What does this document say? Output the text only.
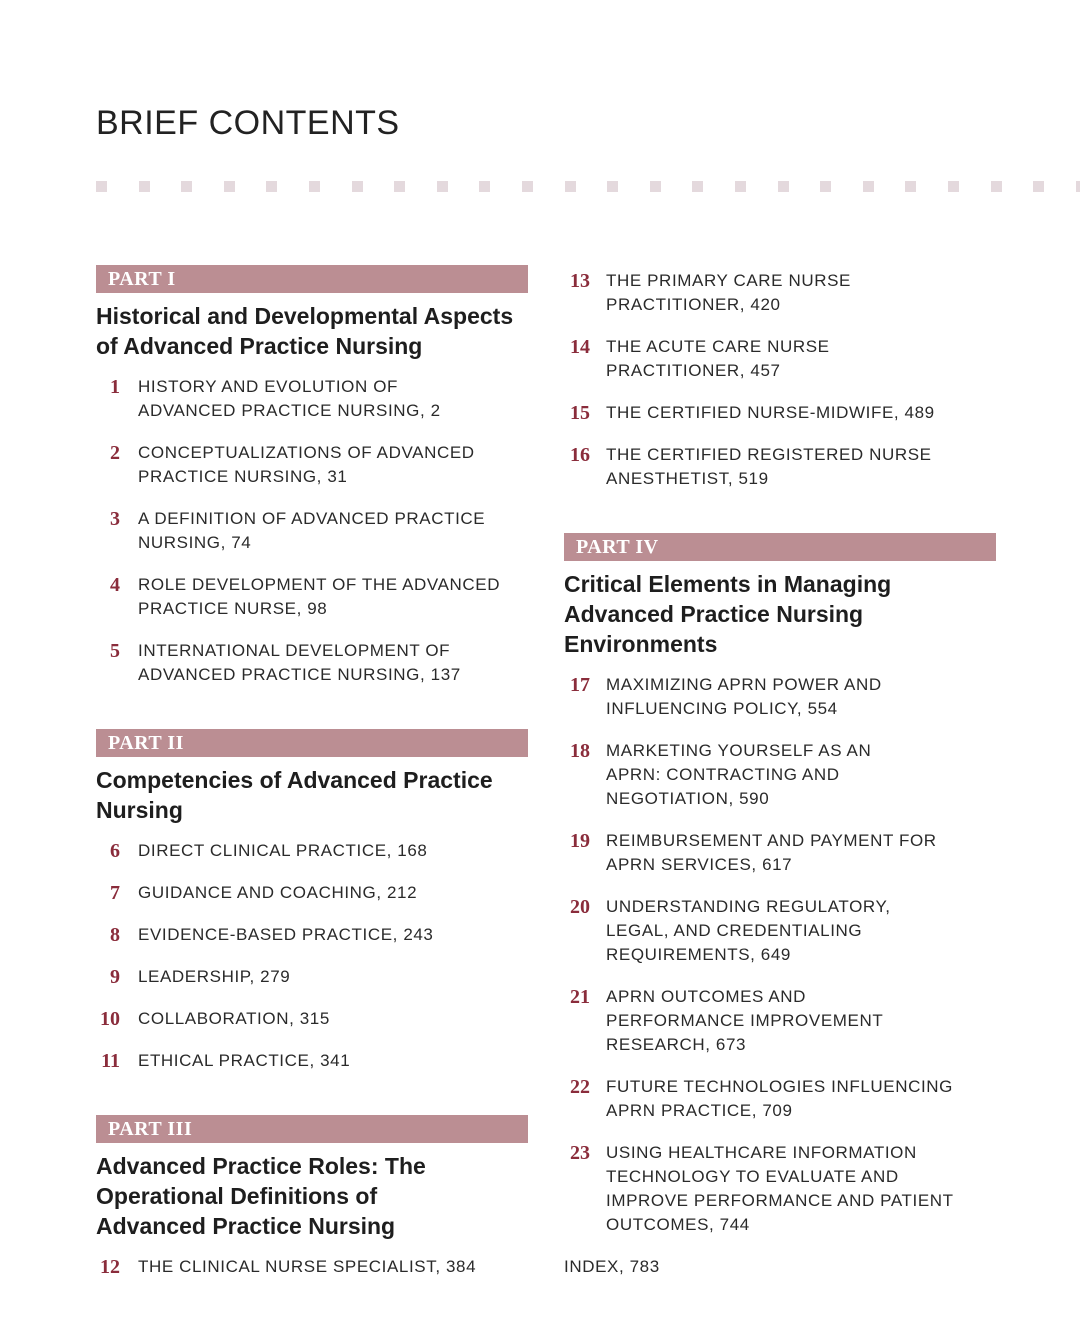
BRIEF CONTENTS
PART I
Historical and Developmental Aspects
of Advanced Practice Nursing
1 HISTORY AND EVOLUTION OF
ADVANCED PRACTICE NURSING, 2
2 CONCEPTUALIZATIONS OF ADVANCED
PRACTICE NURSING, 31
3 A DEFINITION OF ADVANCED PRACTICE
NURSING, 74
4 ROLE DEVELOPMENT OF THE ADVANCED
PRACTICE NURSE, 98
5 INTERNATIONAL DEVELOPMENT OF
ADVANCED PRACTICE NURSING, 137
PART II
Competencies of Advanced Practice
Nursing
6 DIRECT CLINICAL PRACTICE, 168
7 GUIDANCE AND COACHING, 212
8 EVIDENCE-BASED PRACTICE, 243
9 LEADERSHIP, 279
10 COLLABORATION, 315
11 ETHICAL PRACTICE, 341
PART III
Advanced Practice Roles: The
Operational Definitions of
Advanced Practice Nursing
12 THE CLINICAL NURSE SPECIALIST, 384
13 THE PRIMARY CARE NURSE
PRACTITIONER, 420
14 THE ACUTE CARE NURSE
PRACTITIONER, 457
15 THE CERTIFIED NURSE-MIDWIFE, 489
16 THE CERTIFIED REGISTERED NURSE
ANESTHETIST, 519
PART IV
Critical Elements in Managing
Advanced Practice Nursing
Environments
17 MAXIMIZING APRN POWER AND
INFLUENCING POLICY, 554
18 MARKETING YOURSELF AS AN
APRN: CONTRACTING AND
NEGOTIATION, 590
19 REIMBURSEMENT AND PAYMENT FOR
APRN SERVICES, 617
20 UNDERSTANDING REGULATORY,
LEGAL, AND CREDENTIALING
REQUIREMENTS, 649
21 APRN OUTCOMES AND
PERFORMANCE IMPROVEMENT
RESEARCH, 673
22 FUTURE TECHNOLOGIES INFLUENCING
APRN PRACTICE, 709
23 USING HEALTHCARE INFORMATION
TECHNOLOGY TO EVALUATE AND
IMPROVE PERFORMANCE AND PATIENT
OUTCOMES, 744
INDEX, 783
